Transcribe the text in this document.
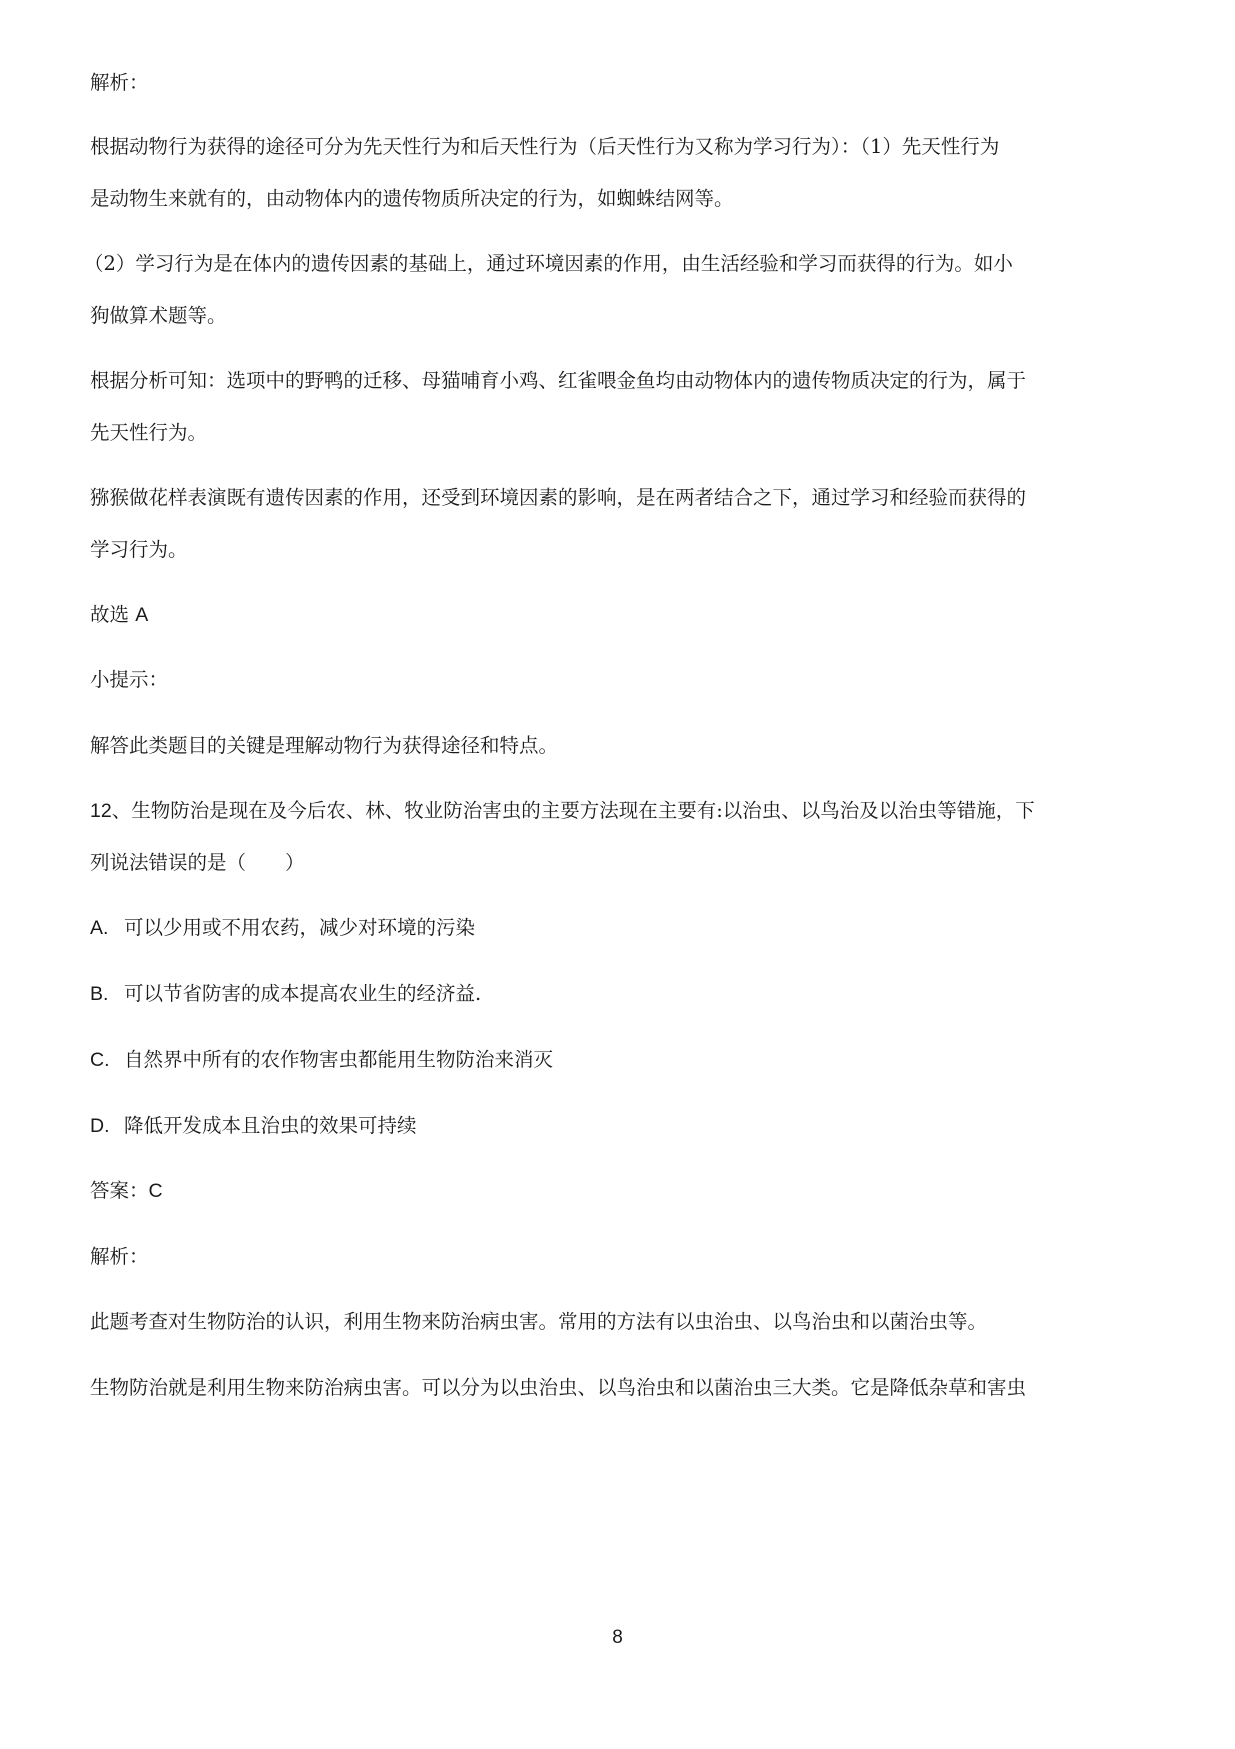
解析：
根据动物行为获得的途径可分为先天性行为和后天性行为（后天性行为又称为学习行为）：（1）先天性行为
是动物生来就有的，由动物体内的遗传物质所决定的行为，如蜘蛛结网等。
（2）学习行为是在体内的遗传因素的基础上，通过环境因素的作用，由生活经验和学习而获得的行为。如小
狗做算术题等。
根据分析可知：选项中的野鸭的迁移、母猫哺育小鸡、红雀喂金鱼均由动物体内的遗传物质决定的行为，属于
先天性行为。
猕猴做花样表演既有遗传因素的作用，还受到环境因素的影响，是在两者结合之下，通过学习和经验而获得的
学习行为。
故选 A
小提示：
解答此类题目的关键是理解动物行为获得途径和特点。
12、生物防治是现在及今后农、林、牧业防治害虫的主要方法现在主要有:以治虫、以鸟治及以治虫等错施，下
列说法错误的是（　　）
A. 可以少用或不用农药，减少对环境的污染
B. 可以节省防害的成本提高农业生的经济益.
C. 自然界中所有的农作物害虫都能用生物防治来消灭
D. 降低开发成本且治虫的效果可持续
答案：C
解析：
此题考查对生物防治的认识，利用生物来防治病虫害。常用的方法有以虫治虫、以鸟治虫和以菌治虫等。
生物防治就是利用生物来防治病虫害。可以分为以虫治虫、以鸟治虫和以菌治虫三大类。它是降低杂草和害虫
8
